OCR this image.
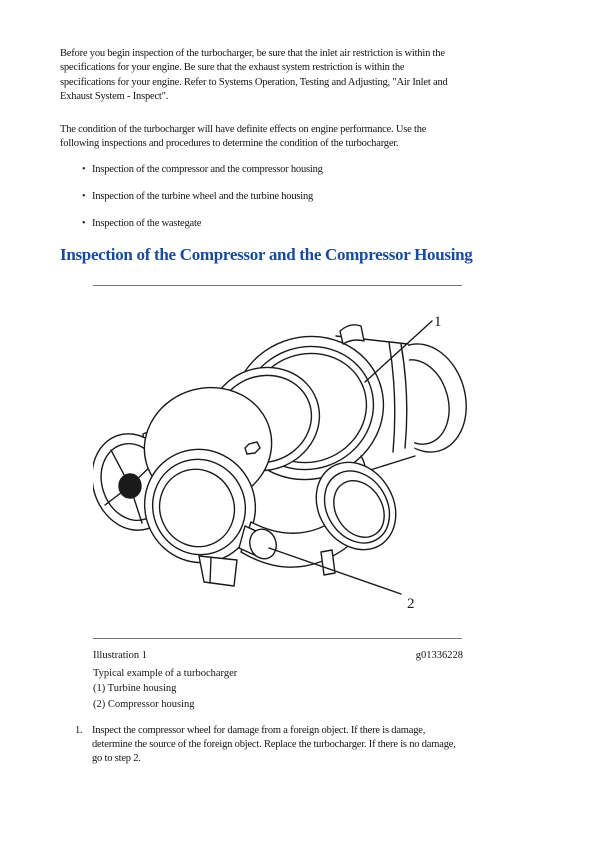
Before you begin inspection of the turbocharger, be sure that the inlet air restriction is within the
specifications for your engine. Be sure that the exhaust system restriction is within the
specifications for your engine. Refer to Systems Operation, Testing and Adjusting, "Air Inlet and
Exhaust System - Inspect".

The condition of the turbocharger will have definite effects on engine performance. Use the
following inspections and procedures to determine the condition of the turbocharger.

• Inspection of the compressor and the compressor housing
• Inspection of the turbine wheel and the turbine housing
• Inspection of the wastegate
Inspection of the Compressor and the Compressor Housing
1
2
Illustration 1	g01336228
Typical example of a turbocharger
(1) Turbine housing
(2) Compressor housing
1. Inspect the compressor wheel for damage from a foreign object. If there is damage,
determine the source of the foreign object. Replace the turbocharger. If there is no damage,
go to step 2.
